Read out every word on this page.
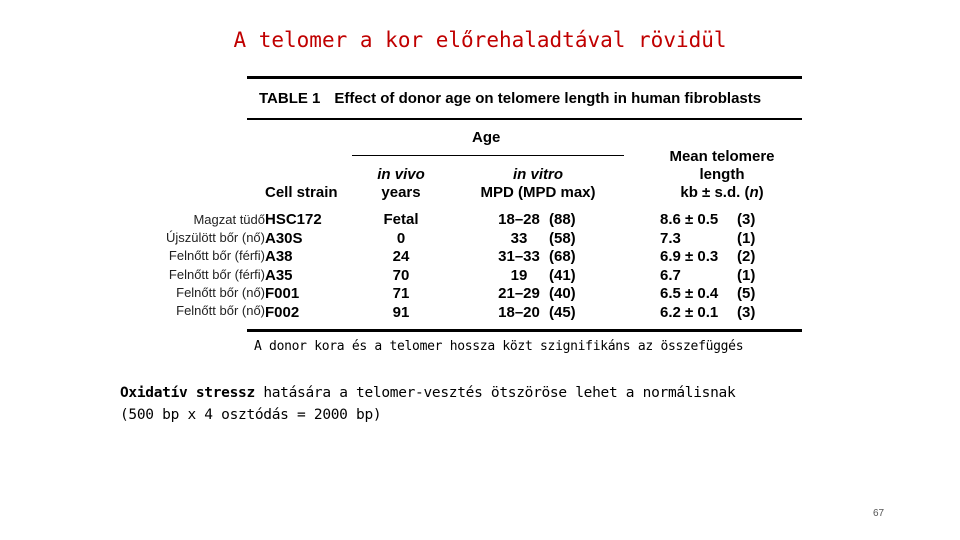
A telomer a kor előrehaladtával rövidül
TABLE 1 Effect of donor age on telomere length in human fibroblasts
Age
Mean telomere
length
kb ± s.d. (n)
in vivo
years
in vitro
MPD (MPD max)
Cell strain
HSC172
A30S
A38
A35
F001
F002
Fetal
0
24
70
71
91
18–28
33
31–33
19
21–29
18–20
(88)
(58)
(68)
(41)
(40)
(45)
8.6 ± 0.5
7.3
6.9 ± 0.3
6.7
6.5 ± 0.4
6.2 ± 0.1
(3)
(1)
(2)
(1)
(5)
(3)
Magzat tüdő
Újszülött bőr (nő)
Felnőtt bőr (férfi)
Felnőtt bőr (férfi)
Felnőtt bőr (nő)
Felnőtt bőr (nő)
A donor kora és a telomer hossza közt szignifikáns az összefüggés
Oxidatív stressz hatására a telomer-vesztés ötszöröse lehet a normálisnak
(500 bp x 4 osztódás = 2000 bp)
67
